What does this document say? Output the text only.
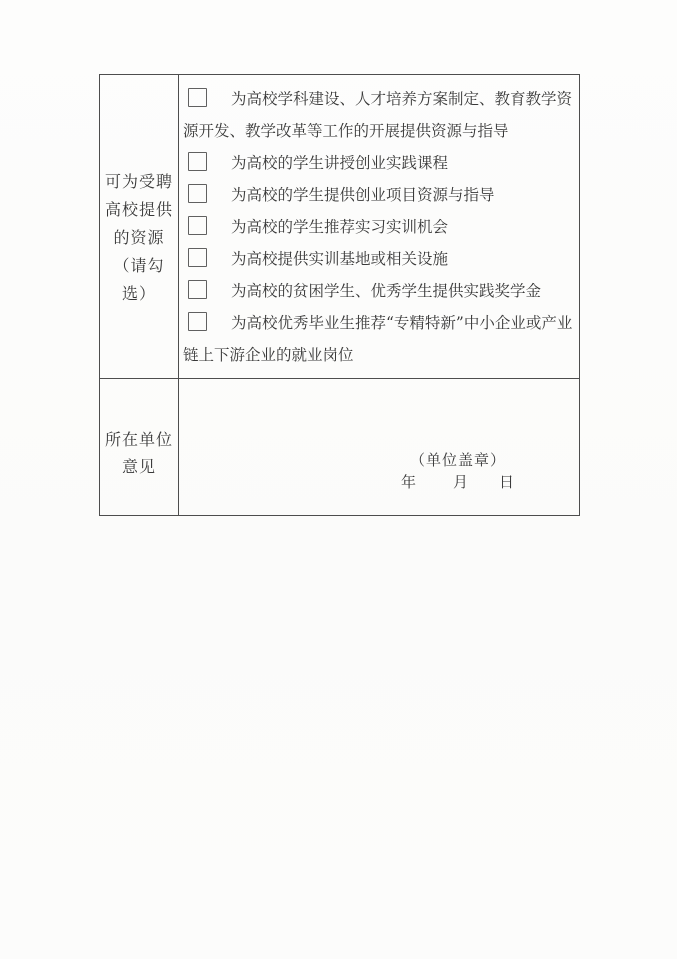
可为受聘
高校提供
的资源
（请勾
选）
为高校学科建设、人才培养方案制定、教育教学资源开发、教学改革等工作的开展提供资源与指导
为高校的学生讲授创业实践课程
为高校的学生提供创业项目资源与指导
为高校的学生推荐实习实训机会
为高校提供实训基地或相关设施
为高校的贫困学生、优秀学生提供实践奖学金
为高校优秀毕业生推荐“专精特新”中小企业或产业链上下游企业的就业岗位
所在单位
意见	（单位盖章）
年 月 日
